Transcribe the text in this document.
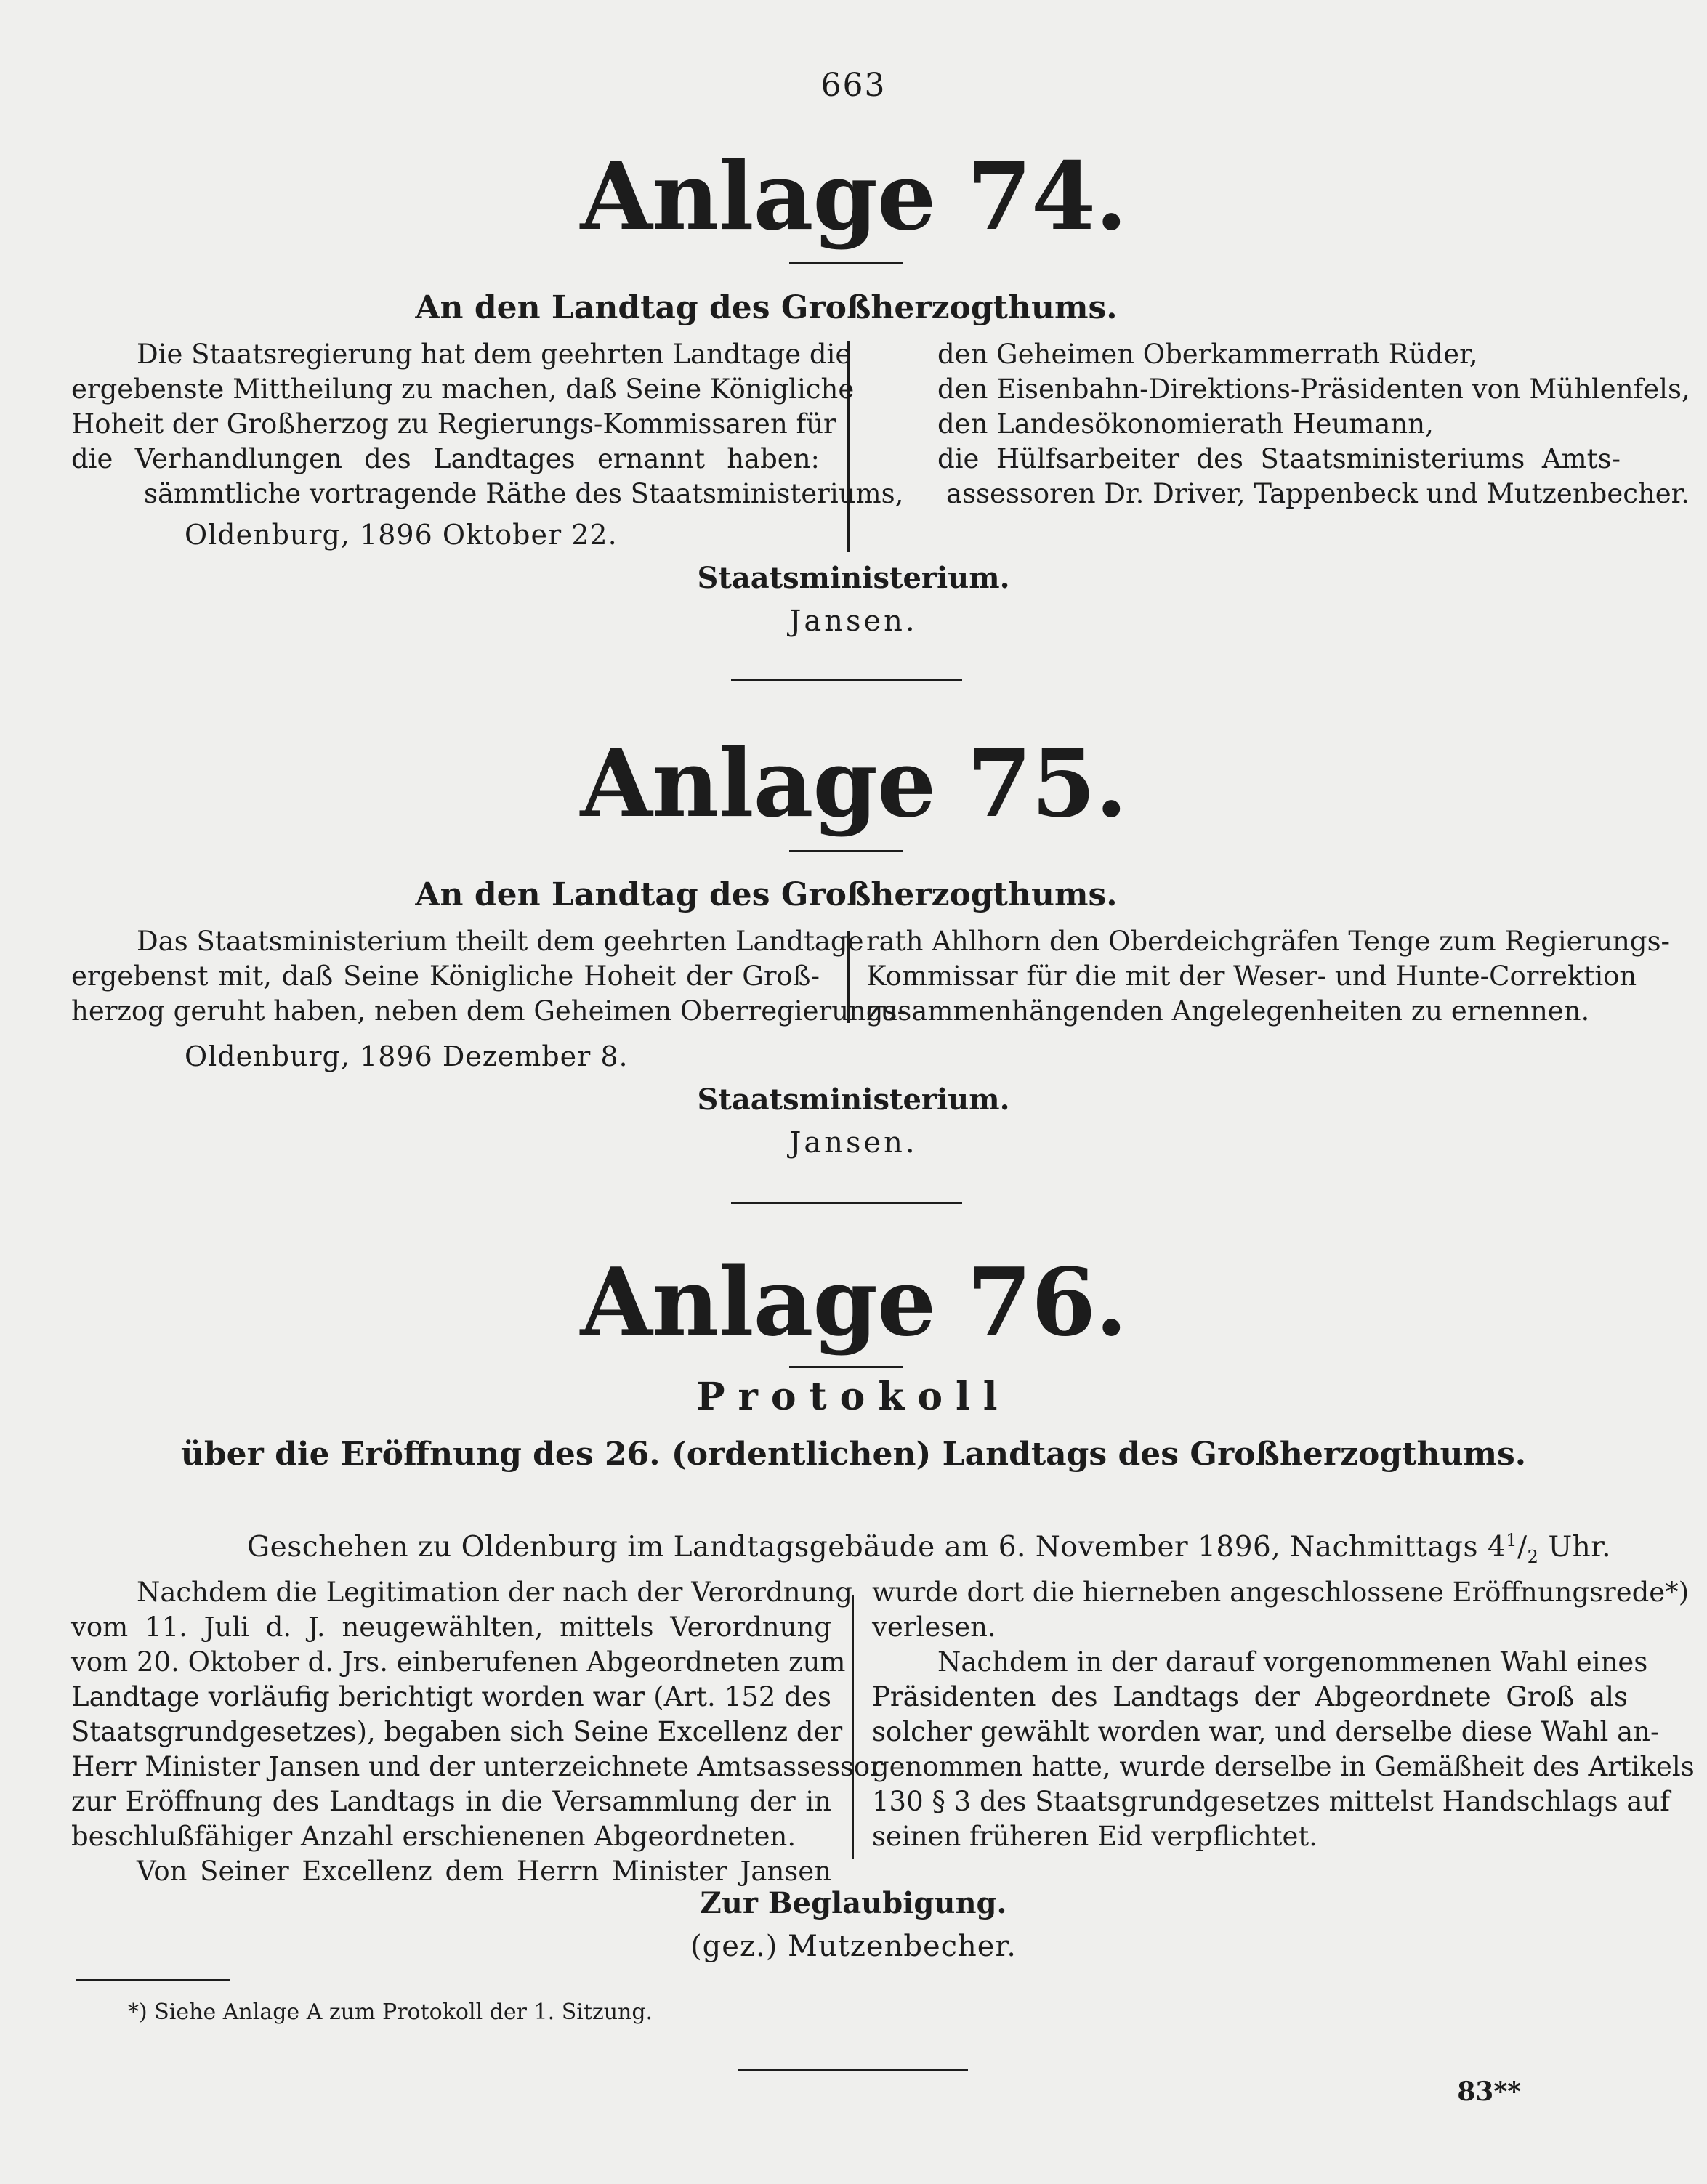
663
Anlage 74.
An den Landtag des Großherzogthums.
Die Staatsregierung hat dem geehrten Landtage die
ergebenste Mittheilung zu machen, daß Seine Königliche
Hoheit der Großherzog zu Regierungs-Kommissaren für
die Verhandlungen des Landtages ernannt haben:
sämmtliche vortragende Räthe des Staatsministeriums,
den Geheimen Oberkammerrath Rüder,
den Eisenbahn-Direktions-Präsidenten von Mühlenfels,
den Landesökonomierath Heumann,
die Hülfsarbeiter des Staatsministeriums Amts-
assessoren Dr. Driver, Tappenbeck und Mutzenbecher.
Oldenburg, 1896 Oktober 22.
Staatsministerium.
Jansen.
Anlage 75.
An den Landtag des Großherzogthums.
Das Staatsministerium theilt dem geehrten Landtage
ergebenst mit, daß Seine Königliche Hoheit der Groß-
herzog geruht haben, neben dem Geheimen Oberregierungs-
rath Ahlhorn den Oberdeichgräfen Tenge zum Regierungs-
Kommissar für die mit der Weser- und Hunte-Correktion
zusammenhängenden Angelegenheiten zu ernennen.
Oldenburg, 1896 Dezember 8.
Staatsministerium.
Jansen.
Anlage 76.
Protokoll
über die Eröffnung des 26. (ordentlichen) Landtags des Großherzogthums.
Geschehen zu Oldenburg im Landtagsgebäude am 6. November 1896, Nachmittags $4^1/_2$ Uhr.
Nachdem die Legitimation der nach der Verordnung
vom 11. Juli d. J. neugewählten, mittels Verordnung
vom 20. Oktober d. Jrs. einberufenen Abgeordneten zum
Landtage vorläufig berichtigt worden war (Art. 152 des
Staatsgrundgesetzes), begaben sich Seine Excellenz der
Herr Minister Jansen und der unterzeichnete Amtsassessor
zur Eröffnung des Landtags in die Versammlung der in
beschlußfähiger Anzahl erschienenen Abgeordneten.
Von Seiner Excellenz dem Herrn Minister Jansen
wurde dort die hierneben angeschlossene Eröffnungsrede*)
verlesen.
Nachdem in der darauf vorgenommenen Wahl eines
Präsidenten des Landtags der Abgeordnete Groß als
solcher gewählt worden war, und derselbe diese Wahl an-
genommen hatte, wurde derselbe in Gemäßheit des Artikels
130 § 3 des Staatsgrundgesetzes mittelst Handschlags auf
seinen früheren Eid verpflichtet.
Zur Beglaubigung.
(gez.) Mutzenbecher.
*) Siehe Anlage A zum Protokoll der 1. Sitzung.
83**
